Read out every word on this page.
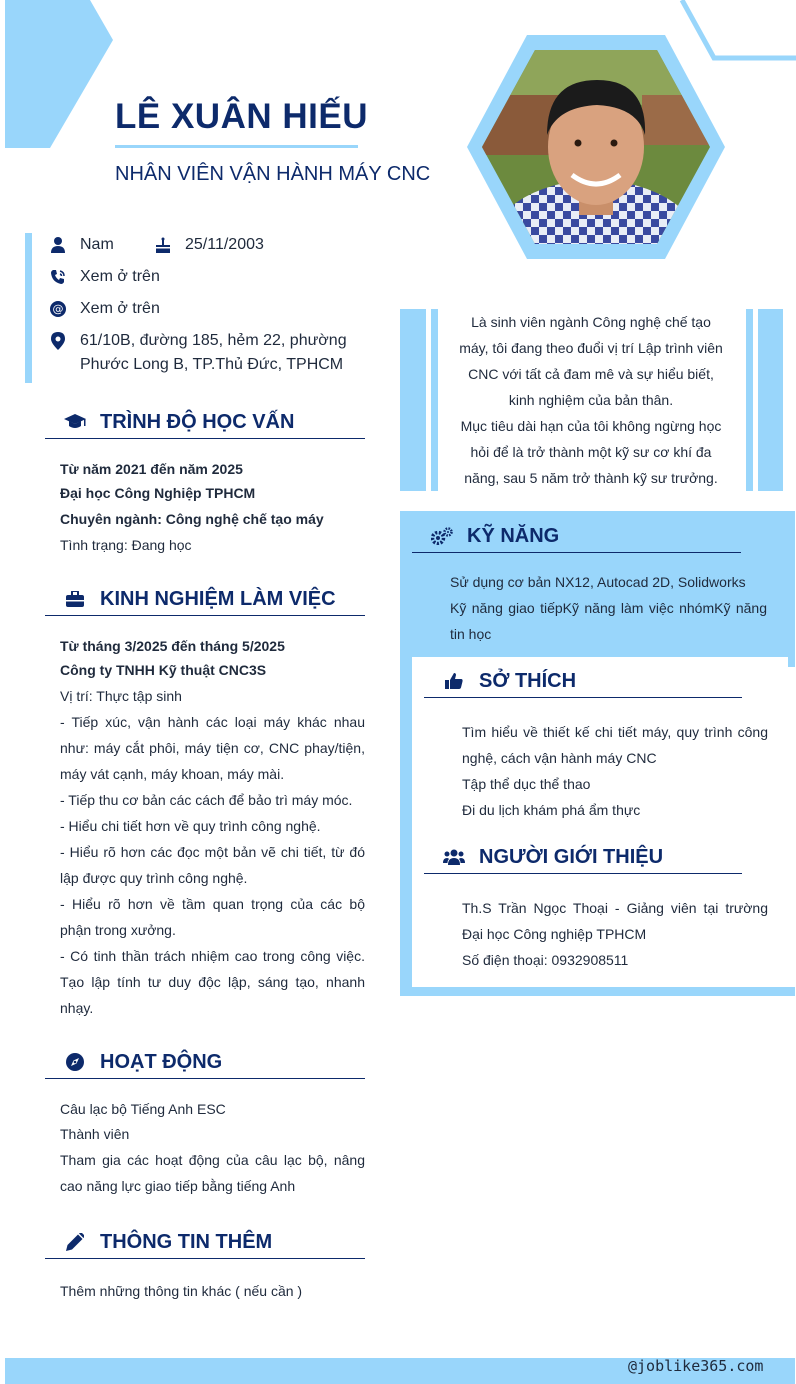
LÊ XUÂN HIẾU
NHÂN VIÊN VẬN HÀNH MÁY CNC
Nam	25/11/2003
Xem ở trên
@ Xem ở trên
61/10B, đường 185, hẻm 22, phường Phước Long B, TP.Thủ Đức, TPHCM
TRÌNH ĐỘ HỌC VẤN
Từ năm 2021 đến năm 2025
Đại học Công Nghiệp TPHCM
Chuyên ngành: Công nghệ chế tạo máy
Tình trạng: Đang học
KINH NGHIỆM LÀM VIỆC
Từ tháng 3/2025 đến tháng 5/2025
Công ty TNHH Kỹ thuật CNC3S
Vị trí: Thực tập sinh
- Tiếp xúc, vận hành các loại máy khác nhau như: máy cắt phôi, máy tiện cơ, CNC phay/tiện, máy vát cạnh, máy khoan, máy mài.
- Tiếp thu cơ bản các cách để bảo trì máy móc.
- Hiểu chi tiết hơn về quy trình công nghệ.
- Hiểu rõ hơn các đọc một bản vẽ chi tiết, từ đó lập được quy trình công nghệ.
- Hiểu rõ hơn về tầm quan trọng của các bộ phận trong xưởng.
- Có tinh thần trách nhiệm cao trong công việc. Tạo lập tính tư duy độc lập, sáng tạo, nhanh nhạy.
HOẠT ĐỘNG
Câu lạc bộ Tiếng Anh ESC
Thành viên
Tham gia các hoạt động của câu lạc bộ, nâng cao năng lực giao tiếp bằng tiếng Anh
THÔNG TIN THÊM
Thêm những thông tin khác ( nếu cần )
Là sinh viên ngành Công nghệ chế tạo máy, tôi đang theo đuổi vị trí Lập trình viên CNC với tất cả đam mê và sự hiểu biết, kinh nghiệm của bản thân.
Mục tiêu dài hạn của tôi không ngừng học hỏi để là trở thành một kỹ sư cơ khí đa năng, sau 5 năm trở thành kỹ sư trưởng.
KỸ NĂNG
Sử dụng cơ bản NX12, Autocad 2D, Solidworks
Kỹ năng giao tiếpKỹ năng làm việc nhómKỹ năng tin học
SỞ THÍCH
Tìm hiểu về thiết kế chi tiết máy, quy trình công nghệ, cách vận hành máy CNC
Tập thể dục thể thao
Đi du lịch khám phá ẩm thực
NGƯỜI GIỚI THIỆU
Th.S Trần Ngọc Thoại - Giảng viên tại trường Đại học Công nghiệp TPHCM
Số điện thoại: 0932908511
@joblike365.com
